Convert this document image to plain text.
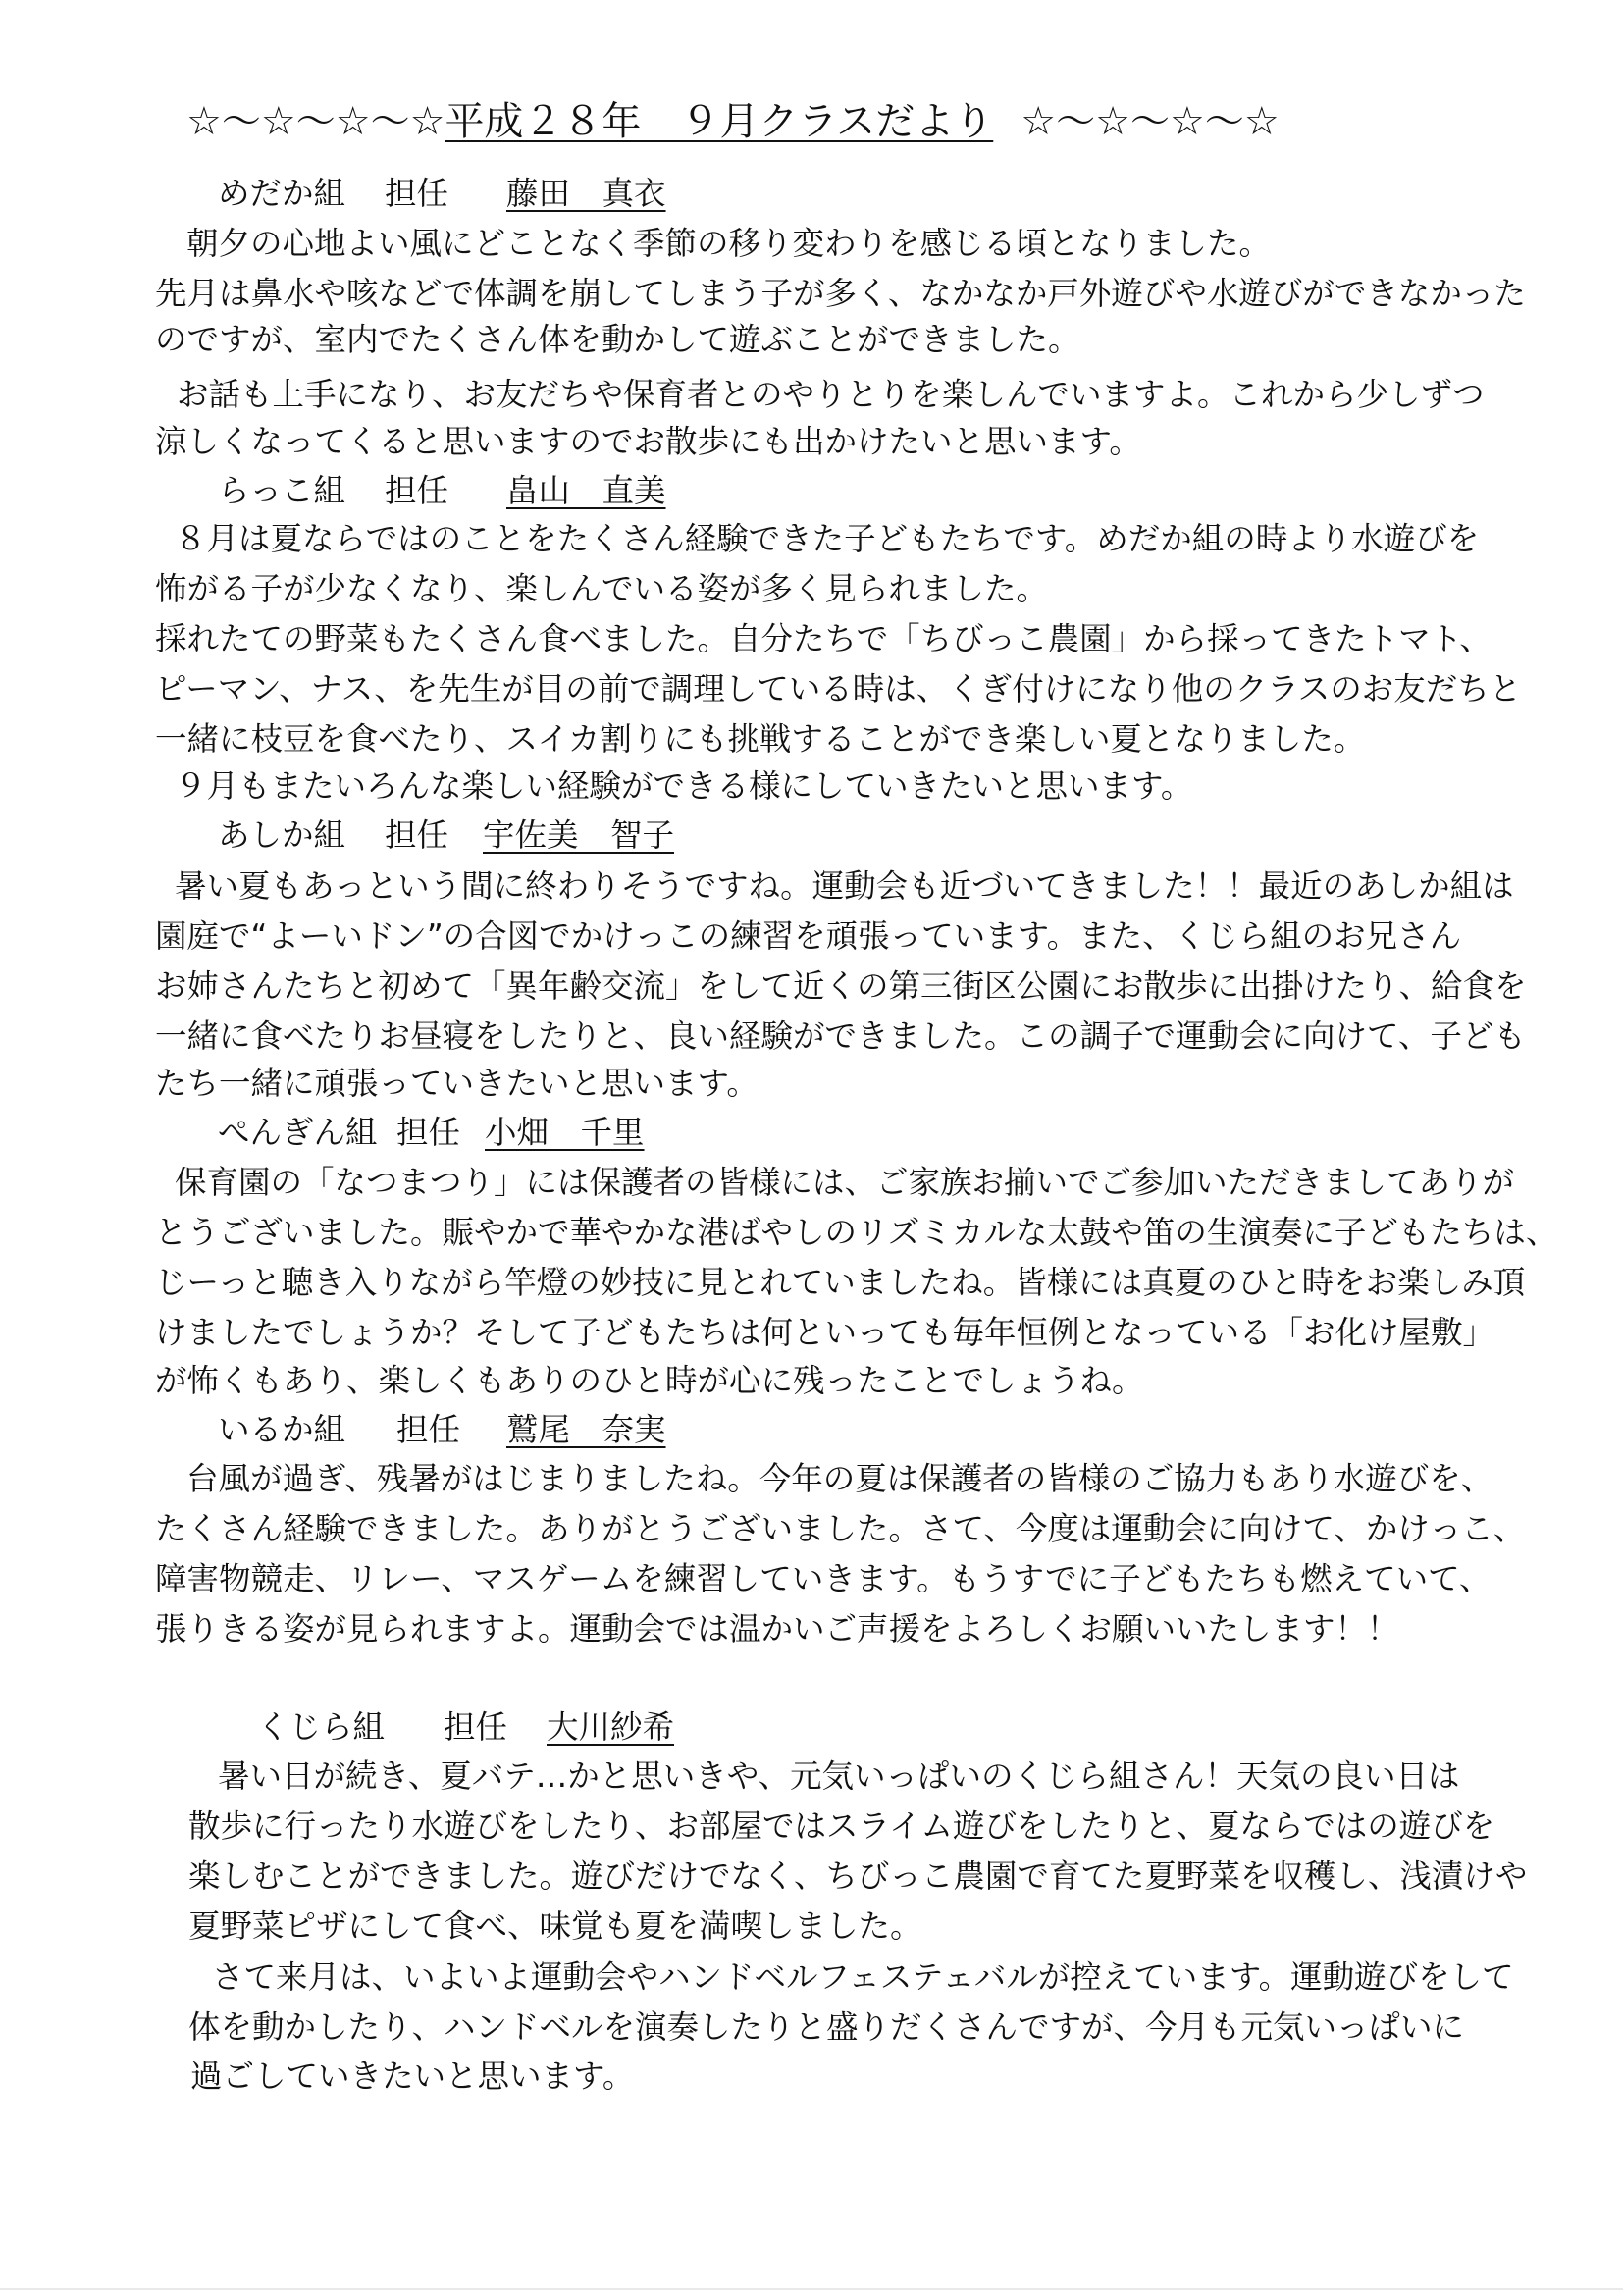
☆～☆～☆～☆平成２８年　９月クラスだより ☆～☆～☆～☆
めだか組 担任 藤田　真衣
朝夕の心地よい風にどことなく季節の移り変わりを感じる頃となりました。
先月は鼻水や咳などで体調を崩してしまう子が多く、なかなか戸外遊びや水遊びができなかった
のですが、室内でたくさん体を動かして遊ぶことができました。
お話も上手になり、お友だちや保育者とのやりとりを楽しんでいますよ。これから少しずつ
涼しくなってくると思いますのでお散歩にも出かけたいと思います。
らっこ組 担任 畠山　直美
８月は夏ならではのことをたくさん経験できた子どもたちです。めだか組の時より水遊びを
怖がる子が少なくなり、楽しんでいる姿が多く見られました。
採れたての野菜もたくさん食べました。自分たちで「ちびっこ農園」から採ってきたトマト、
ピーマン、ナス、を先生が目の前で調理している時は、くぎ付けになり他のクラスのお友だちと
一緒に枝豆を食べたり、スイカ割りにも挑戦することができ楽しい夏となりました。
９月もまたいろんな楽しい経験ができる様にしていきたいと思います。
あしか組 担任 宇佐美　智子
暑い夏もあっという間に終わりそうですね。運動会も近づいてきました！！最近のあしか組は
園庭で“よーいドン”の合図でかけっこの練習を頑張っています。また、くじら組のお兄さん
お姉さんたちと初めて「異年齢交流」をして近くの第三街区公園にお散歩に出掛けたり、給食を
一緒に食べたりお昼寝をしたりと、良い経験ができました。この調子で運動会に向けて、子ども
たち一緒に頑張っていきたいと思います。
ぺんぎん組 担任 小畑　千里
保育園の「なつまつり」には保護者の皆様には、ご家族お揃いでご参加いただきましてありが
とうございました。賑やかで華やかな港ばやしのリズミカルな太鼓や笛の生演奏に子どもたちは、
じーっと聴き入りながら竿燈の妙技に見とれていましたね。皆様には真夏のひと時をお楽しみ頂
けましたでしょうか？そして子どもたちは何といっても毎年恒例となっている「お化け屋敷」
が怖くもあり、楽しくもありのひと時が心に残ったことでしょうね。
いるか組 担任 鷲尾　奈実
台風が過ぎ、残暑がはじまりましたね。今年の夏は保護者の皆様のご協力もあり水遊びを、
たくさん経験できました。ありがとうございました。さて、今度は運動会に向けて、かけっこ、
障害物競走、リレー、マスゲームを練習していきます。もうすでに子どもたちも燃えていて、
張りきる姿が見られますよ。運動会では温かいご声援をよろしくお願いいたします！！
くじら組 担任 大川紗希
暑い日が続き、夏バテ…かと思いきや、元気いっぱいのくじら組さん！天気の良い日は
散歩に行ったり水遊びをしたり、お部屋ではスライム遊びをしたりと、夏ならではの遊びを
楽しむことができました。遊びだけでなく、ちびっこ農園で育てた夏野菜を収穫し、浅漬けや
夏野菜ピザにして食べ、味覚も夏を満喫しました。
さて来月は、いよいよ運動会やハンドベルフェステェバルが控えています。運動遊びをして
体を動かしたり、ハンドベルを演奏したりと盛りだくさんですが、今月も元気いっぱいに
過ごしていきたいと思います。
